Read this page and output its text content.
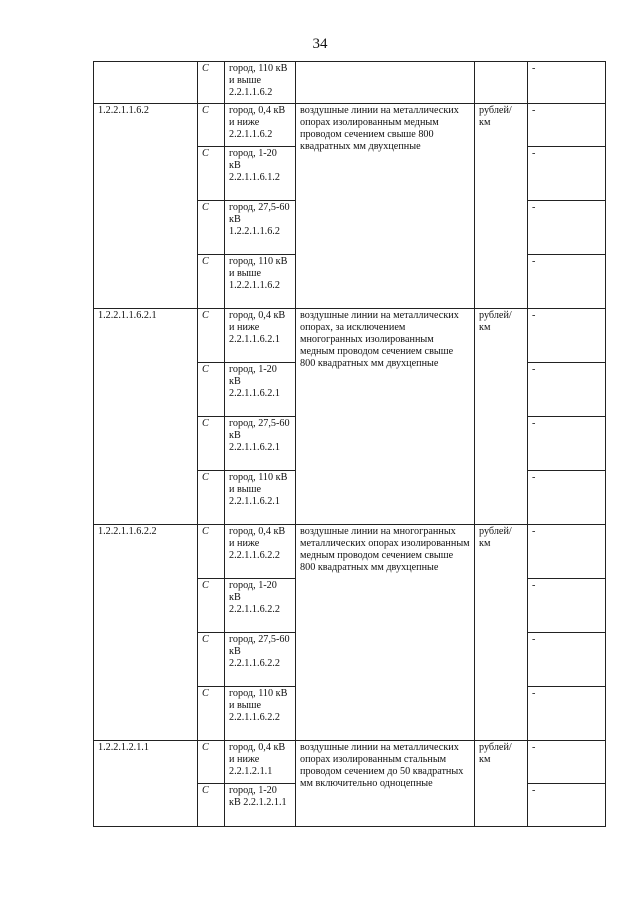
34
	C	город, 110 кВ и выше 2.2.1.1.6.2			-
1.2.2.1.1.6.2	C	город, 0,4 кВ и ниже 2.2.1.1.6.2	воздушные линии на металлических опорах изолированным медным проводом сечением свыше 800 квадратных мм двухцепные	рублей/км	-
	C	город, 1-20 кВ 2.2.1.1.6.1.2			-
	C	город, 27,5-60 кВ 1.2.2.1.1.6.2			-
	C	город, 110 кВ и выше 1.2.2.1.1.6.2			-
1.2.2.1.1.6.2.1	C	город, 0,4 кВ и ниже 2.2.1.1.6.2.1	воздушные линии на металлических опорах, за исключением многогранных изолированным медным проводом сечением свыше 800 квадратных мм двухцепные	рублей/км	-
	C	город, 1-20 кВ 2.2.1.1.6.2.1			-
	C	город, 27,5-60 кВ 2.2.1.1.6.2.1			-
	C	город, 110 кВ и выше 2.2.1.1.6.2.1			-
1.2.2.1.1.6.2.2	C	город, 0,4 кВ и ниже 2.2.1.1.6.2.2	воздушные линии на многогранных металлических опорах изолированным медным проводом сечением свыше 800 квадратных мм двухцепные	рублей/км	-
	C	город, 1-20 кВ 2.2.1.1.6.2.2			-
	C	город, 27,5-60 кВ 2.2.1.1.6.2.2			-
	C	город, 110 кВ и выше 2.2.1.1.6.2.2			-
1.2.2.1.2.1.1	C	город, 0,4 кВ и ниже 2.2.1.2.1.1	воздушные линии на металлических опорах изолированным стальным проводом сечением до 50 квадратных мм включительно одноцепные	рублей/км	-
	C	город, 1-20 кВ 2.2.1.2.1.1			-
